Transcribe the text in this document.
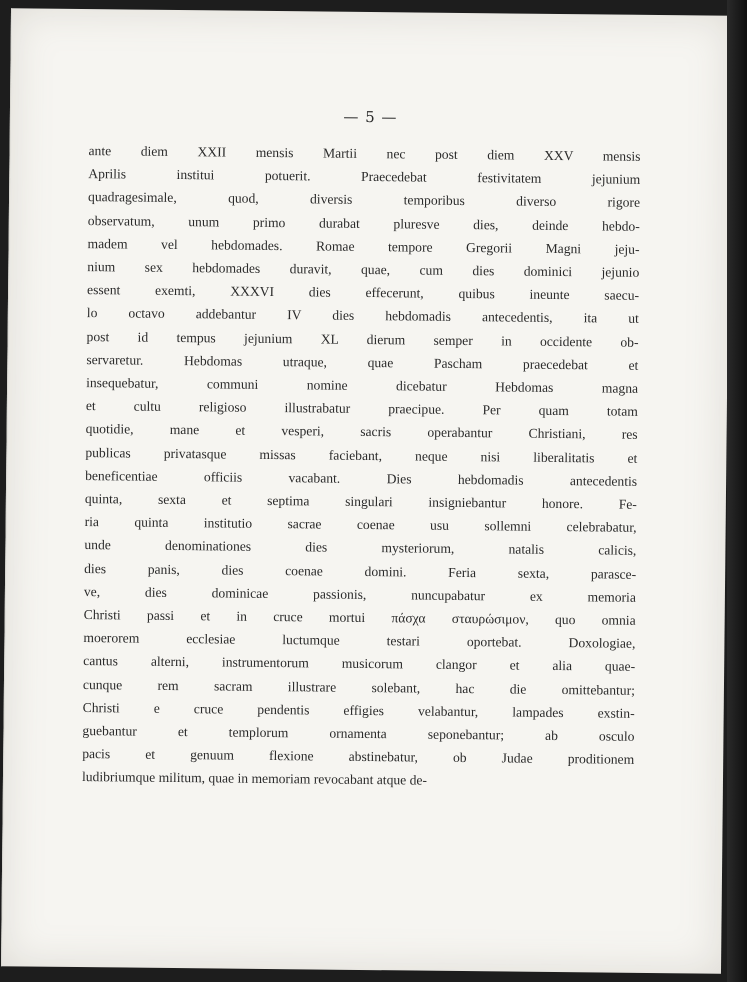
— 5 —
ante diem XXII mensis Martii nec post diem XXV mensis
Aprilis institui potuerit. Praecedebat festivitatem jejunium
quadragesimale, quod, diversis temporibus diverso rigore
observatum, unum primo durabat pluresve dies, deinde hebdo-
madem vel hebdomades. Romae tempore Gregorii Magni jeju-
nium sex hebdomades duravit, quae, cum dies dominici jejunio
essent exemti, XXXVI dies effecerunt, quibus ineunte saecu-
lo octavo addebantur IV dies hebdomadis antecedentis, ita ut
post id tempus jejunium XL dierum semper in occidente ob-
servaretur. Hebdomas utraque, quae Pascham praecedebat et
insequebatur, communi nomine dicebatur Hebdomas magna
et cultu religioso illustrabatur praecipue. Per quam totam
quotidie, mane et vesperi, sacris operabantur Christiani, res
publicas privatasque missas faciebant, neque nisi liberalitatis et
beneficentiae officiis vacabant. Dies hebdomadis antecedentis
quinta, sexta et septima singulari insigniebantur honore. Fe-
ria quinta institutio sacrae coenae usu sollemni celebrabatur,
unde denominationes dies mysteriorum, natalis calicis,
dies panis, dies coenae domini. Feria sexta, parasce-
ve, dies dominicae passionis, nuncupabatur ex memoria
Christi passi et in cruce mortui πάσχα σταυρώσιμον, quo omnia
moerorem ecclesiae luctumque testari oportebat. Doxologiae,
cantus alterni, instrumentorum musicorum clangor et alia quae-
cunque rem sacram illustrare solebant, hac die omittebantur;
Christi e cruce pendentis effigies velabantur, lampades exstin-
guebantur et templorum ornamenta seponebantur; ab osculo
pacis et genuum flexione abstinebatur, ob Judae proditionem
ludibriumque militum, quae in memoriam revocabant atque de-
